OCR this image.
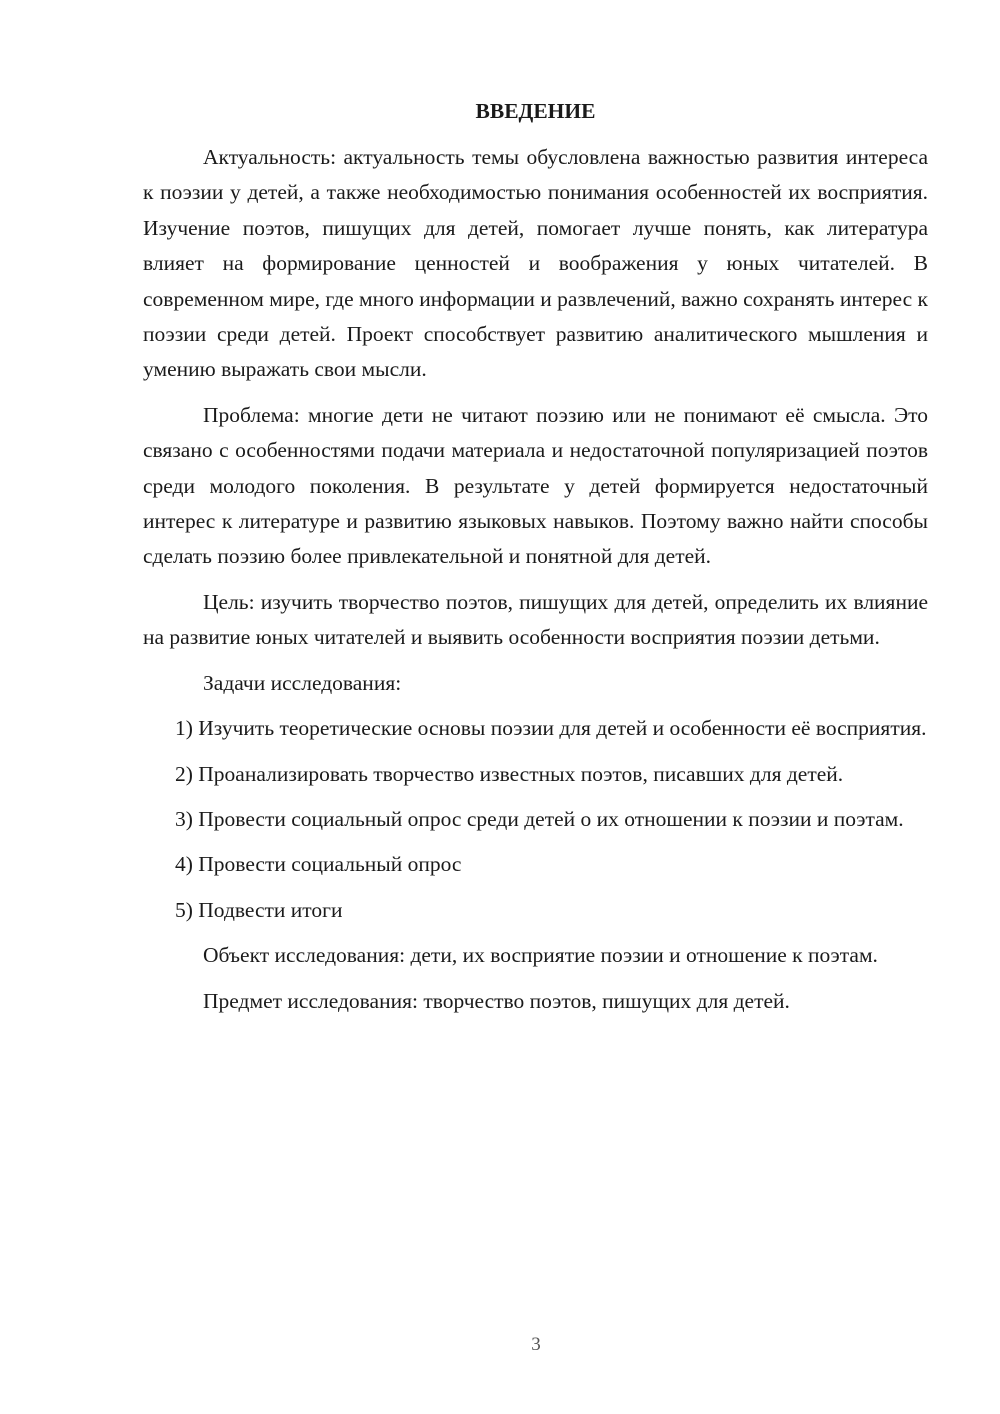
ВВЕДЕНИЕ

Актуальность: актуальность темы обусловлена важностью развития интереса к поэзии у детей, а также необходимостью понимания особенностей их восприятия. Изучение поэтов, пишущих для детей, помогает лучше понять, как литература влияет на формирование ценностей и воображения у юных читателей. В современном мире, где много информации и развлечений, важно сохранять интерес к поэзии среди детей. Проект способствует развитию аналитического мышления и умению выражать свои мысли.

Проблема: многие дети не читают поэзию или не понимают её смысла. Это связано с особенностями подачи материала и недостаточной популяризацией поэтов среди молодого поколения. В результате у детей формируется недостаточный интерес к литературе и развитию языковых навыков. Поэтому важно найти способы сделать поэзию более привлекательной и понятной для детей.

Цель: изучить творчество поэтов, пишущих для детей, определить их влияние на развитие юных читателей и выявить особенности восприятия поэзии детьми.

Задачи исследования:

1) Изучить теоретические основы поэзии для детей и особенности её восприятия.

2) Проанализировать творчество известных поэтов, писавших для детей.

3) Провести социальный опрос среди детей о их отношении к поэзии и поэтам.

4) Провести социальный опрос

5) Подвести итоги

Объект исследования: дети, их восприятие поэзии и отношение к поэтам.

Предмет исследования: творчество поэтов, пишущих для детей.

3
